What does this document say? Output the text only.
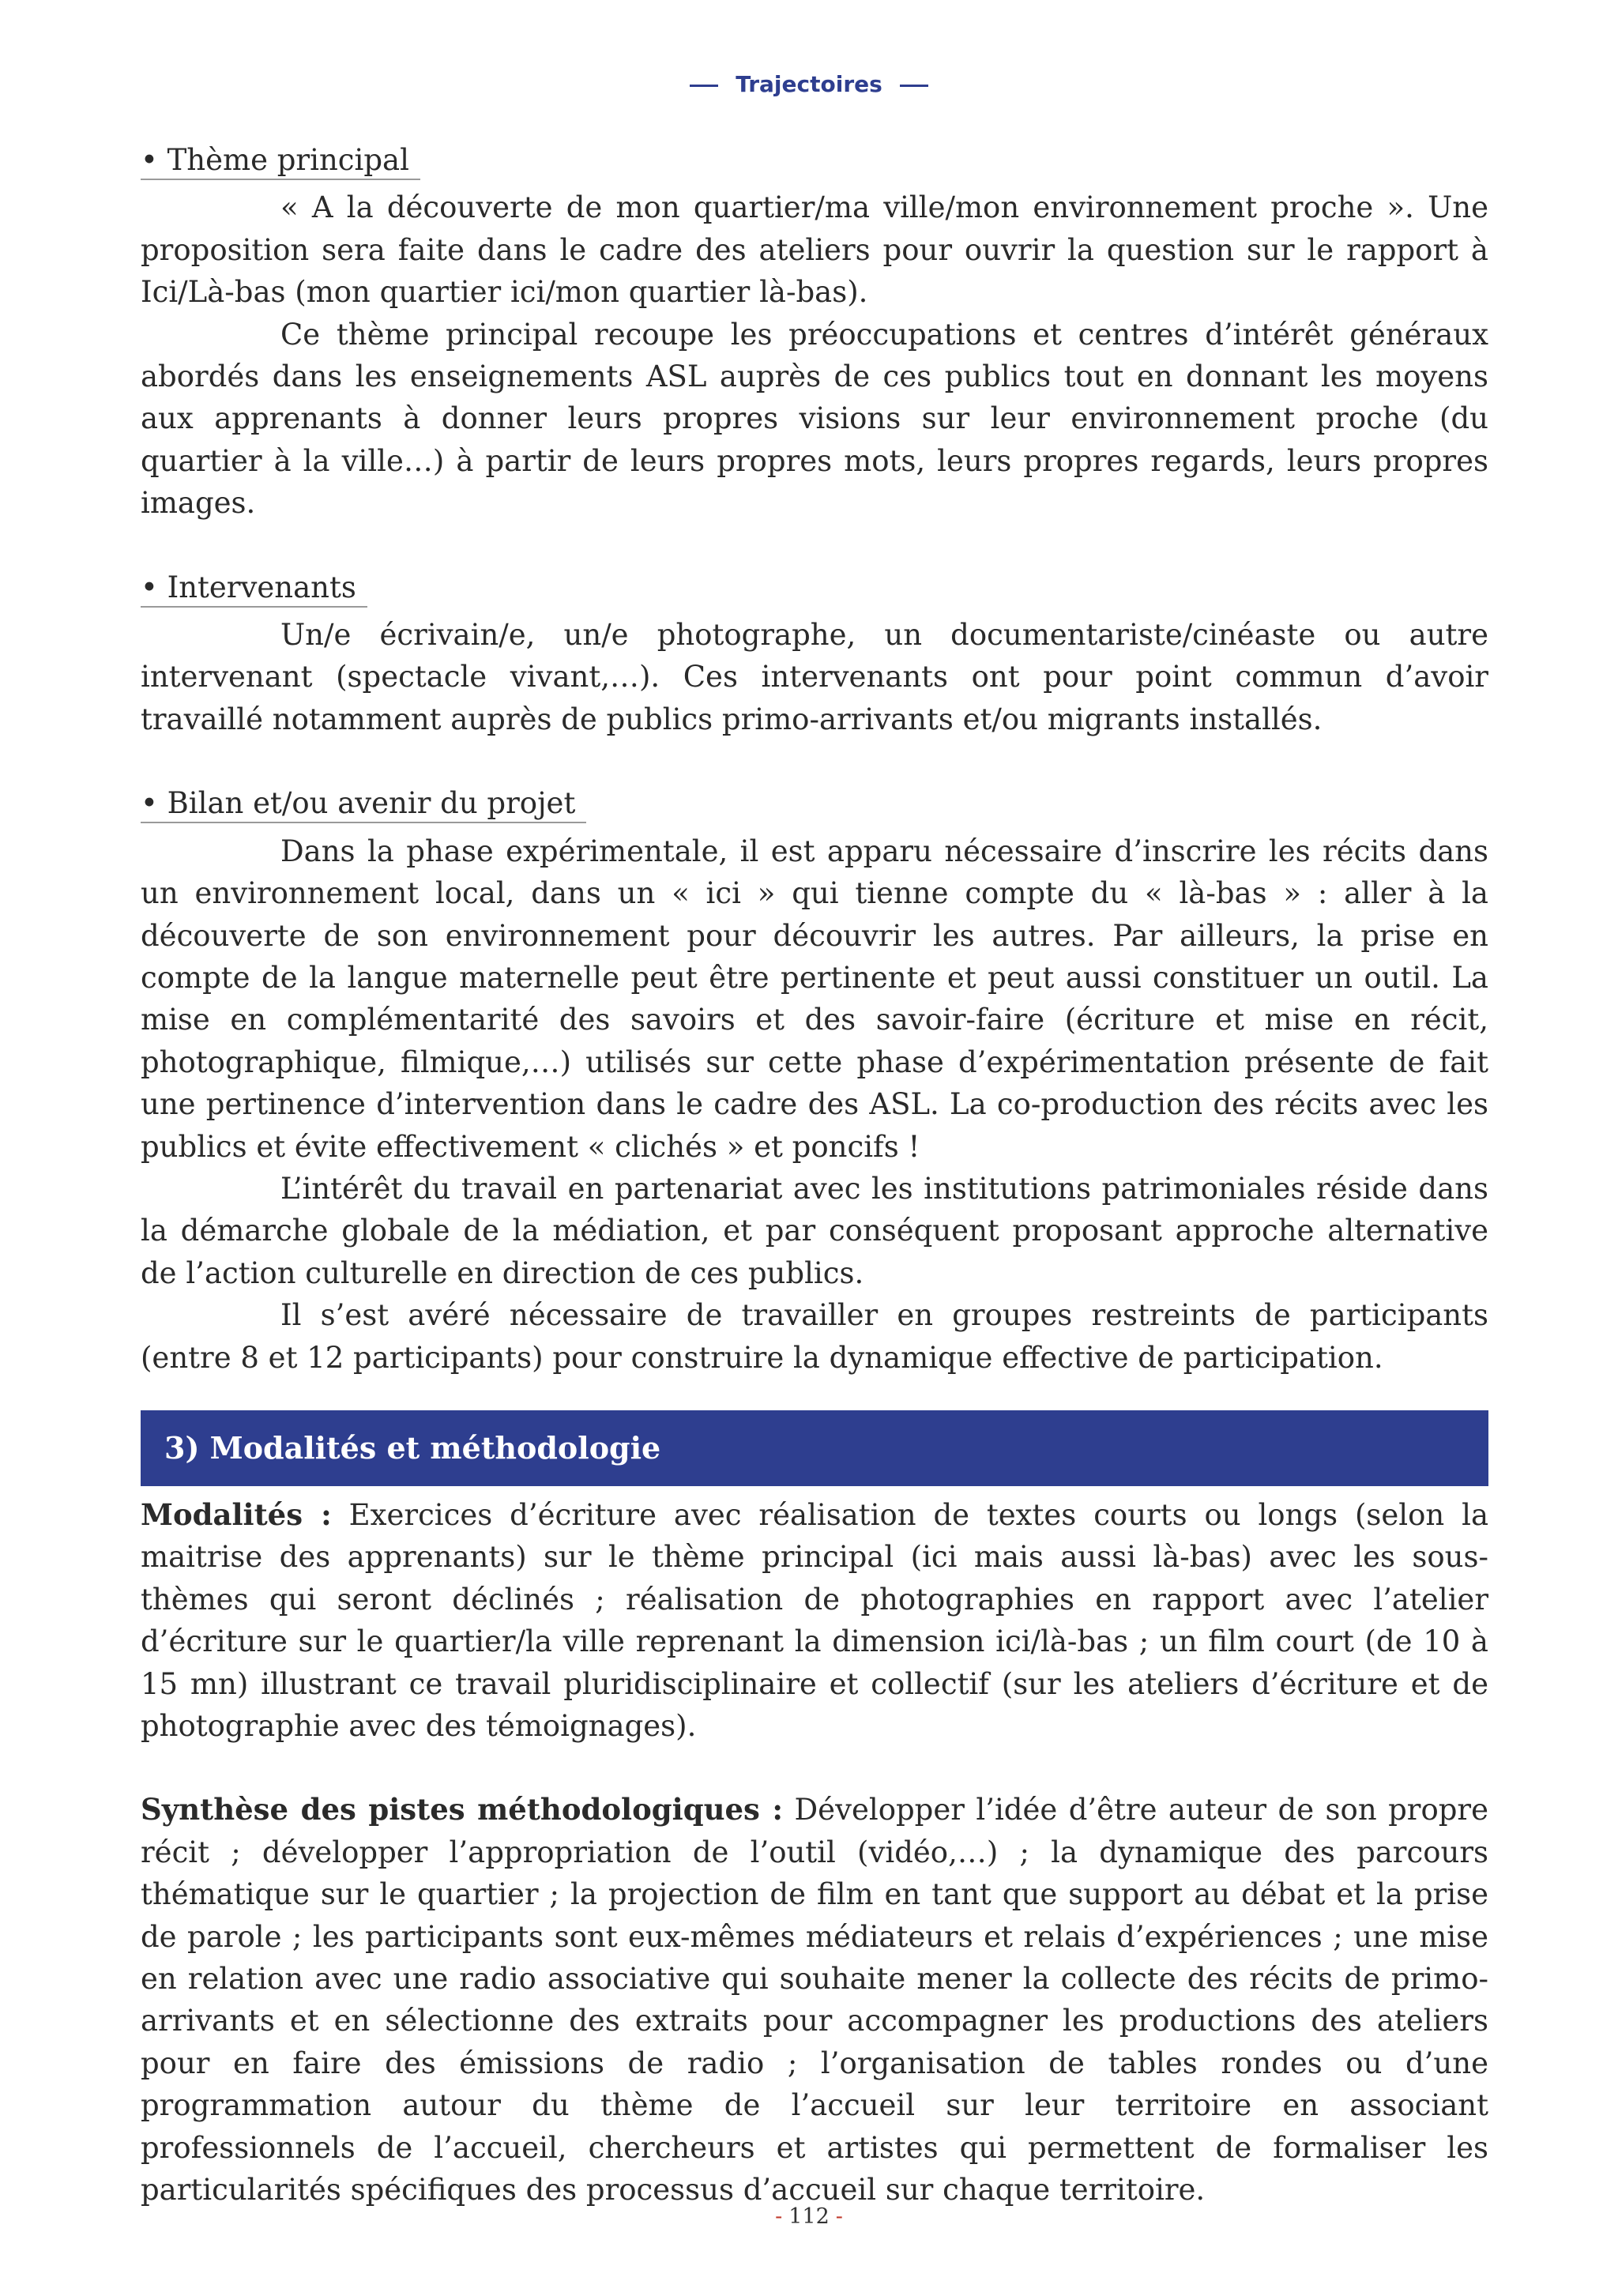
Trajectoires
• Thème principal

« A la découverte de mon quartier/ma ville/mon environnement proche ». Une proposition sera faite dans le cadre des ateliers pour ouvrir la question sur le rapport à Ici/Là-bas (mon quartier ici/mon quartier là-bas).

Ce thème principal recoupe les préoccupations et centres d’intérêt généraux abordés dans les enseignements ASL auprès de ces publics tout en donnant les moyens aux apprenants à donner leurs propres visions sur leur environnement proche (du quartier à la ville…) à partir de leurs propres mots, leurs propres regards, leurs propres images.

• Intervenants

Un/e écrivain/e, un/e photographe, un documentariste/cinéaste ou autre intervenant (spectacle vivant,…). Ces intervenants ont pour point commun d’avoir travaillé notamment auprès de publics primo-arrivants et/ou migrants installés.

• Bilan et/ou avenir du projet

Dans la phase expérimentale, il est apparu nécessaire d’inscrire les récits dans un environnement local, dans un « ici » qui tienne compte du « là-bas » : aller à la découverte de son environnement pour découvrir les autres. Par ailleurs, la prise en compte de la langue maternelle peut être pertinente et peut aussi constituer un outil. La mise en complémentarité des savoirs et des savoir-faire (écriture et mise en récit, photographique, filmique,…) utilisés sur cette phase d’expérimentation présente de fait une pertinence d’intervention dans le cadre des ASL. La co-production des récits avec les publics et évite effectivement « clichés » et poncifs !

L’intérêt du travail en partenariat avec les institutions patrimoniales réside dans la démarche globale de la médiation, et par conséquent proposant approche alternative de l’action culturelle en direction de ces publics.

Il s’est avéré nécessaire de travailler en groupes restreints de participants (entre 8 et 12 participants) pour construire la dynamique effective de participation.

3) Modalités et méthodologie

Modalités : Exercices d’écriture avec réalisation de textes courts ou longs (selon la maitrise des apprenants) sur le thème principal (ici mais aussi là-bas) avec les sous-thèmes qui seront déclinés ; réalisation de photographies en rapport avec l’atelier d’écriture sur le quartier/la ville reprenant la dimension ici/là-bas ; un film court (de 10 à 15 mn) illustrant ce travail pluridisciplinaire et collectif (sur les ateliers d’écriture et de photographie avec des témoignages).

Synthèse des pistes méthodologiques : Développer l’idée d’être auteur de son propre récit ; développer l’appropriation de l’outil (vidéo,…) ; la dynamique des parcours thématique sur le quartier ; la projection de film en tant que support au débat et la prise de parole ; les participants sont eux-mêmes médiateurs et relais d’expériences ; une mise en relation avec une radio associative qui souhaite mener la collecte des récits de primo-arrivants et en sélectionne des extraits pour accompagner les productions des ateliers pour en faire des émissions de radio ; l’organisation de tables rondes ou d’une programmation autour du thème de l’accueil sur leur territoire en associant professionnels de l’accueil, chercheurs et artistes qui permettent de formaliser les particularités spécifiques des processus d’accueil sur chaque territoire.

- 112 -
